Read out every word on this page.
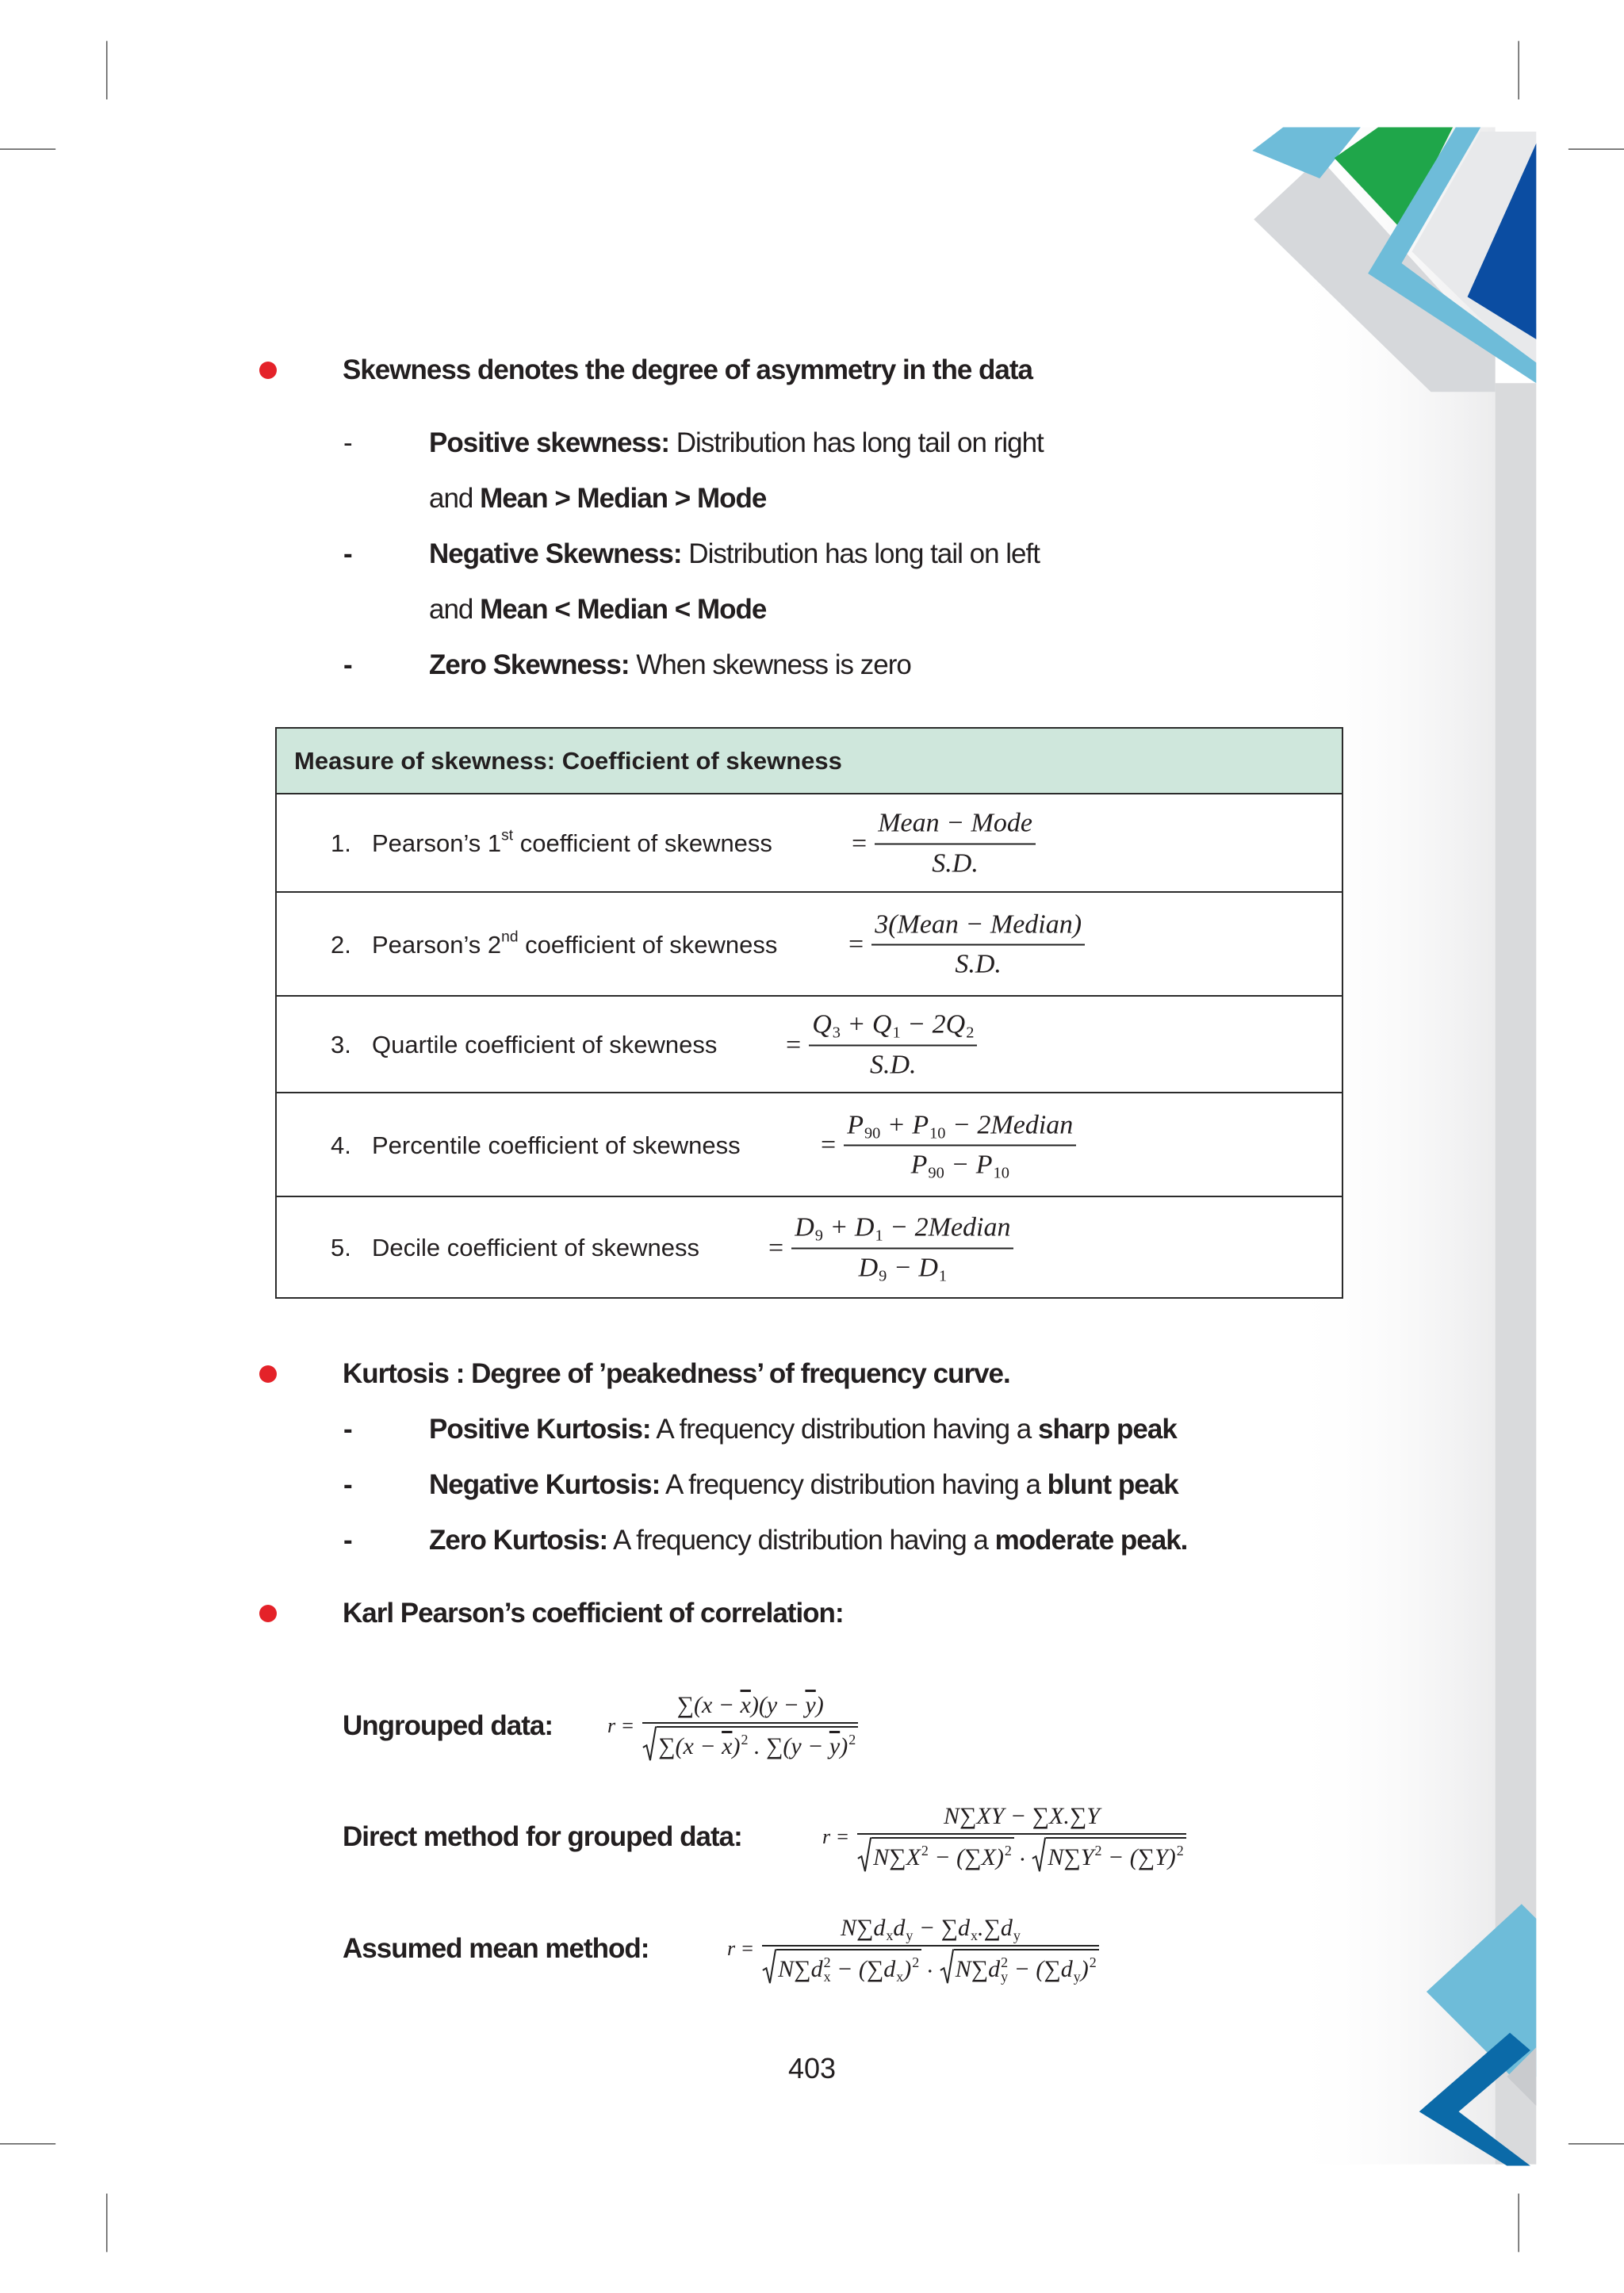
Skewness denotes the degree of asymmetry in the data
-	Positive skewness: Distribution has long tail on right
and Mean > Median > Mode
-	Negative Skewness: Distribution has long tail on left
and Mean < Median < Mode
-	Zero Skewness: When skewness is zero
Measure of skewness: Coefficient of skewness
1. Pearson’s 1st coefficient of skewness	= $\frac{\text{Mean − Mode}}{S.D.}$
2. Pearson’s 2nd coefficient of skewness	= $\frac{\text{3(Mean − Median)}}{S.D.}$
3. Quartile coefficient of skewness	= $\frac{Q 3 + Q 1 - 2 Q 2}{S.D.}$
4. Percentile coefficient of skewness	= $\frac{\text{P 90 + P 10 − 2Median}}{P 90 - P 10}$
5. Decile coefficient of skewness	= $\frac{\text{D 9 + D 1 − 2Median}}{D 9 - D 1}$
Kurtosis : Degree of ’peakedness’ of frequency curve.
-	Positive Kurtosis: A frequency distribution having a sharp peak
-	Negative Kurtosis: A frequency distribution having a blunt peak
-	Zero Kurtosis: A frequency distribution having a moderate peak.
Karl Pearson’s coefficient of correlation:
Ungrouped data:	$r = \frac{\sum(x - \overline{x} )(y - \overline{y} )}{\sum(x - \overline{x} ) 2 . \sum(y - \overline{y} ) 2}$
Direct method for grouped data:	$r = \frac{N\sum XY - \sum X.\sum Y}{N\sum X 2 - (\sum X ) 2 . N\sum Y 2 - (\sum Y ) 2}$
Assumed mean method:	r = N∑ d x d y − ∑ d x .∑ d y
N∑ d 2
x − (∑ d x ) 2 . N∑ d 2
y − (∑ d y ) 2
403
